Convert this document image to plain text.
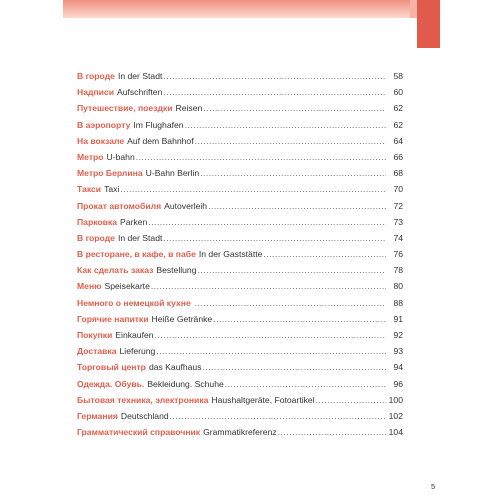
В городе In der Stadt .....	58
Надписи Aufschriften .....	60
Путешествие, поездки Reisen .....	62
В аэропорту Im Flughafen .....	62
На вокзале Auf dem Bahnhof .....	64
Метро U-bahn .....	66
Метро Берлина U-Bahn Berlin .....	68
Такси Taxi .....	70
Прокат автомобиля Autoverleih .....	72
Парковка Parken .....	73
В городе In der Stadt .....	74
В ресторане, в кафе, в пабе In der Gaststätte .....	76
Как сделать заказ Bestellung .....	78
Меню Speisekarte .....	80
Немного о немецкой кухне .....	88
Горячие напитки Heiße Getränke .....	91
Покупки Einkaufen .....	92
Доставка Lieferung .....	93
Торговый центр das Kaufhaus .....	94
Одежда. Обувь. Bekleidung. Schuhe .....	96
Бытовая техника, электроника Haushaltgeräte, Fotoartikel .....	100
Германия Deutschland .....	102
Грамматический справочник Grammatikreferenz .....	104
5
